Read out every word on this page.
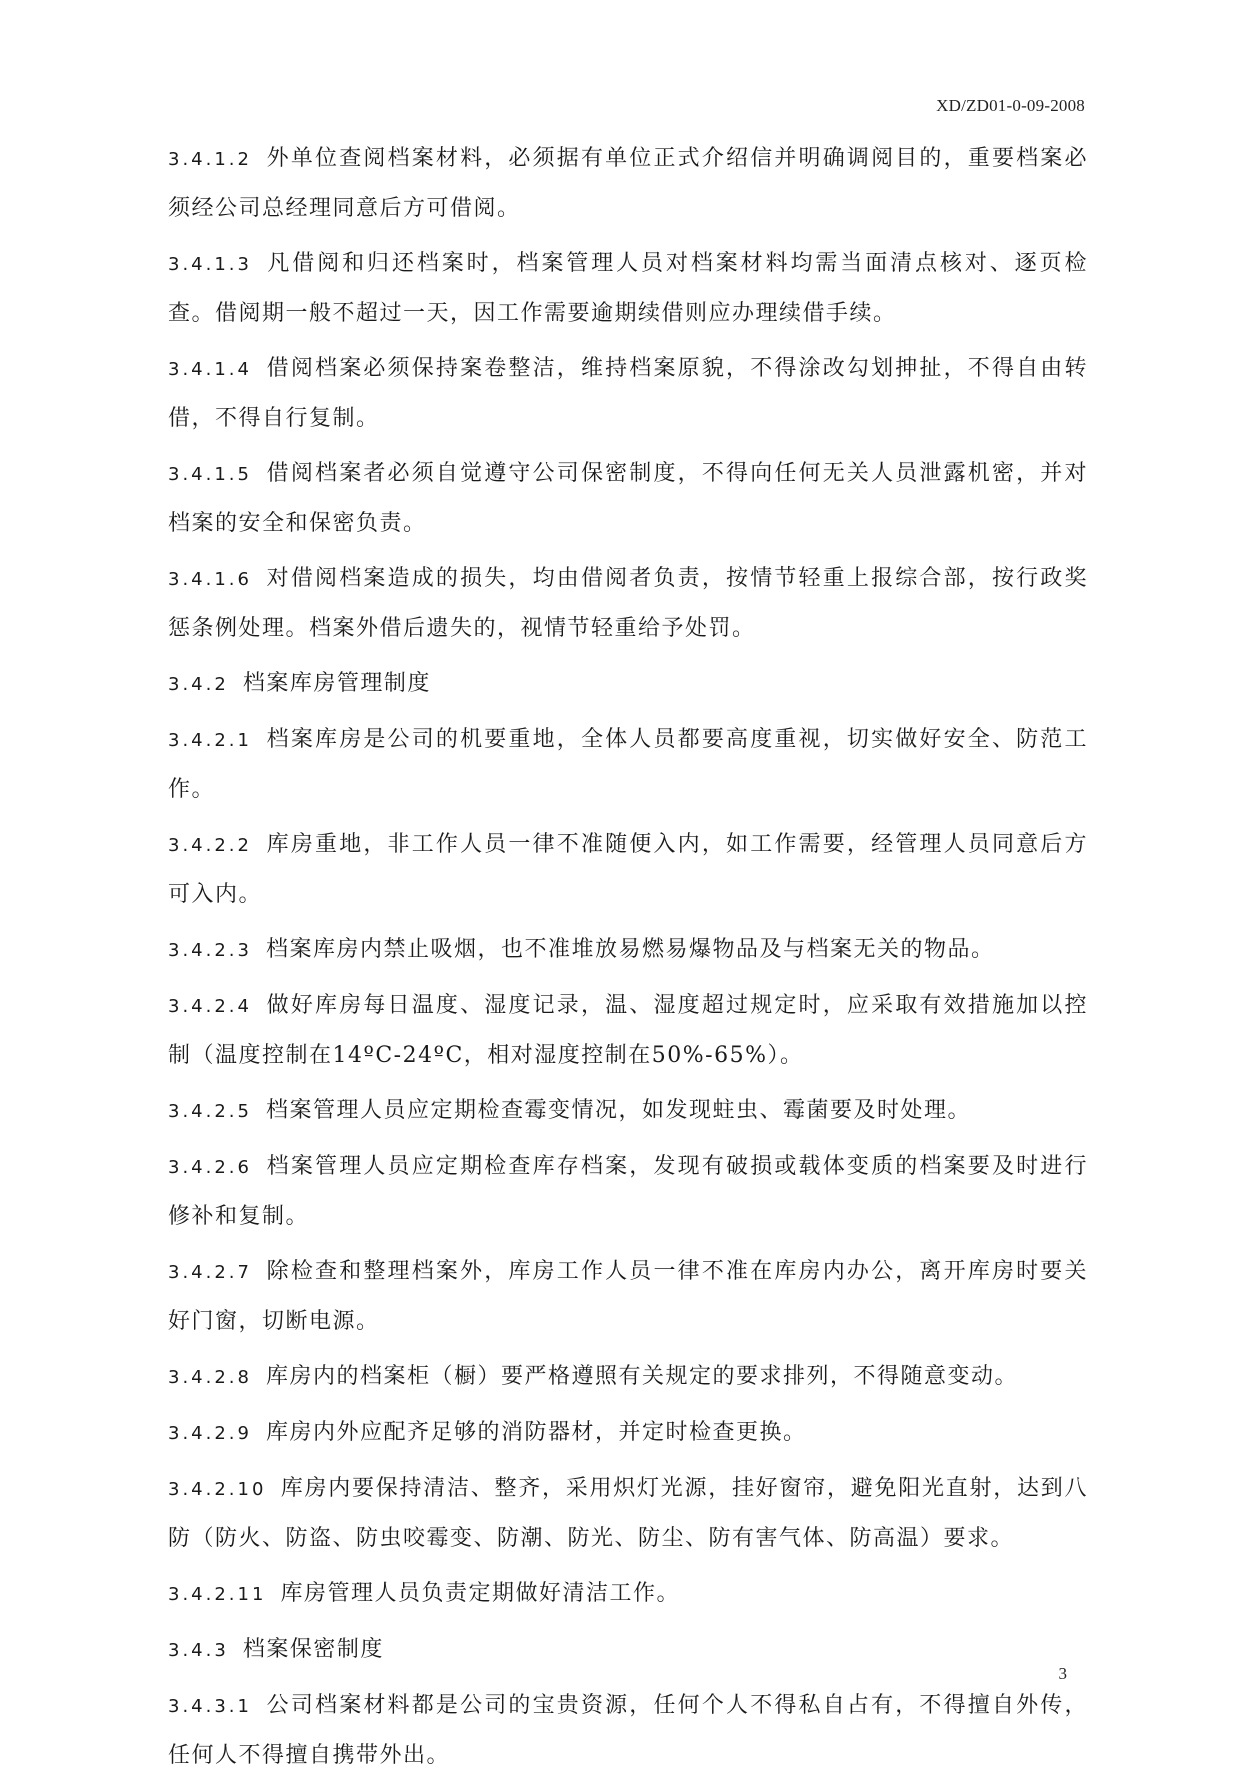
XD/ZD01-0-09-2008

3.4.1.2 外单位查阅档案材料，必须据有单位正式介绍信并明确调阅目的，重要档案必须经公司总经理同意后方可借阅。

3.4.1.3 凡借阅和归还档案时，档案管理人员对档案材料均需当面清点核对、逐页检查。借阅期一般不超过一天，因工作需要逾期续借则应办理续借手续。

3.4.1.4 借阅档案必须保持案卷整洁，维持档案原貌，不得涂改勾划抻扯，不得自由转借，不得自行复制。

3.4.1.5 借阅档案者必须自觉遵守公司保密制度，不得向任何无关人员泄露机密，并对档案的安全和保密负责。

3.4.1.6 对借阅档案造成的损失，均由借阅者负责，按情节轻重上报综合部，按行政奖惩条例处理。档案外借后遗失的，视情节轻重给予处罚。

3.4.2 档案库房管理制度

3.4.2.1 档案库房是公司的机要重地，全体人员都要高度重视，切实做好安全、防范工作。

3.4.2.2 库房重地，非工作人员一律不准随便入内，如工作需要，经管理人员同意后方可入内。

3.4.2.3 档案库房内禁止吸烟，也不准堆放易燃易爆物品及与档案无关的物品。

3.4.2.4 做好库房每日温度、湿度记录，温、湿度超过规定时，应采取有效措施加以控制（温度控制在14ºC-24ºC，相对湿度控制在50%-65%）。

3.4.2.5 档案管理人员应定期检查霉变情况，如发现蛀虫、霉菌要及时处理。

3.4.2.6 档案管理人员应定期检查库存档案，发现有破损或载体变质的档案要及时进行修补和复制。

3.4.2.7 除检查和整理档案外，库房工作人员一律不准在库房内办公，离开库房时要关好门窗，切断电源。

3.4.2.8 库房内的档案柜（橱）要严格遵照有关规定的要求排列，不得随意变动。

3.4.2.9 库房内外应配齐足够的消防器材，并定时检查更换。

3.4.2.10 库房内要保持清洁、整齐，采用炽灯光源，挂好窗帘，避免阳光直射，达到八防（防火、防盗、防虫咬霉变、防潮、防光、防尘、防有害气体、防高温）要求。

3.4.2.11 库房管理人员负责定期做好清洁工作。

3.4.3 档案保密制度

3.4.3.1 公司档案材料都是公司的宝贵资源，任何个人不得私自占有，不得擅自外传，任何人不得擅自携带外出。

3
